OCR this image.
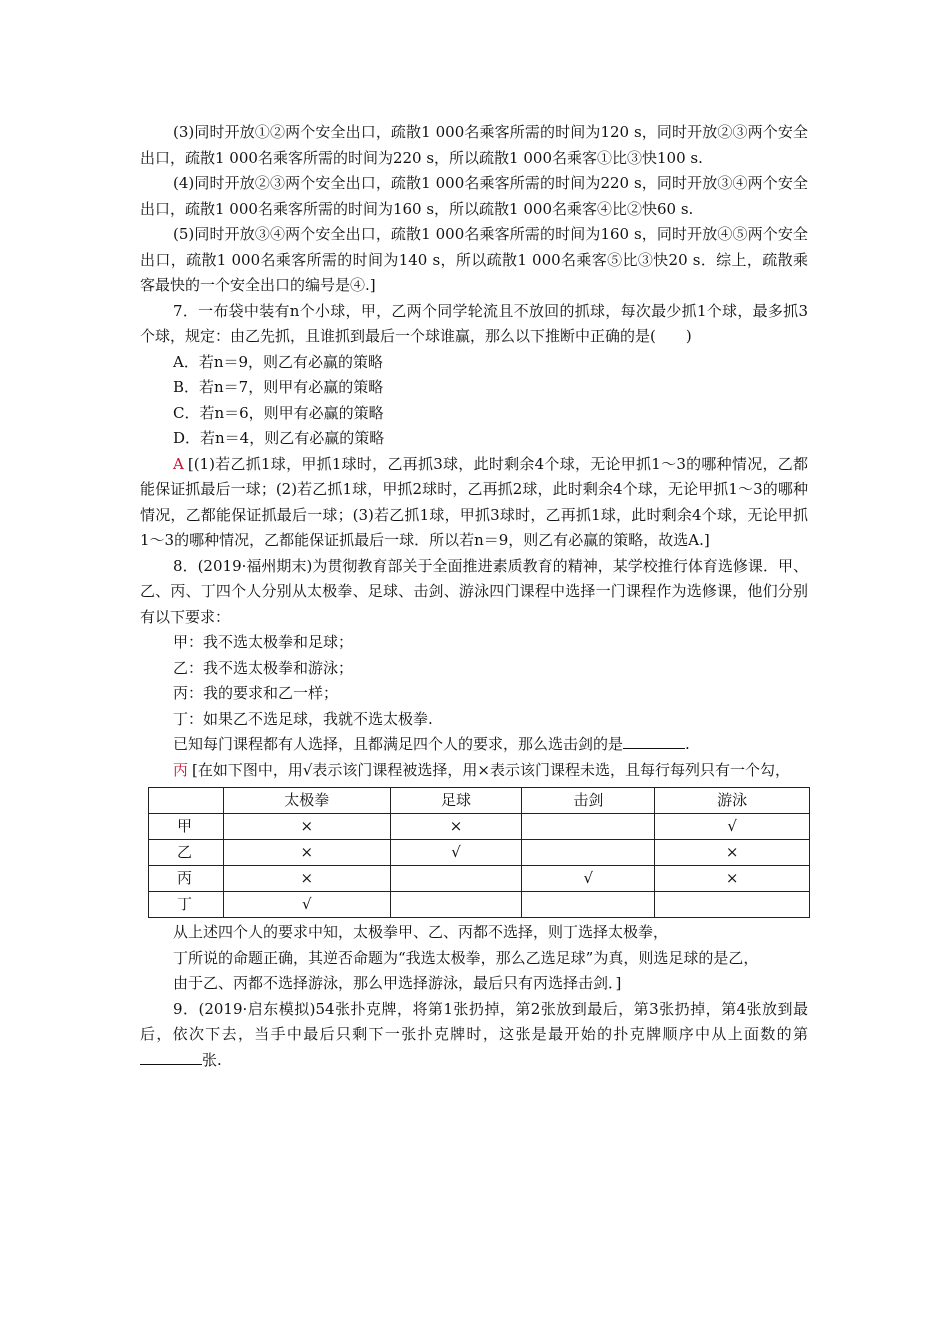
(3)同时开放①②两个安全出口，疏散1 000名乘客所需的时间为120 s，同时开放②③两个安全出口，疏散1 000名乘客所需的时间为220 s，所以疏散1 000名乘客①比③快100 s.

(4)同时开放②③两个安全出口，疏散1 000名乘客所需的时间为220 s，同时开放③④两个安全出口，疏散1 000名乘客所需的时间为160 s，所以疏散1 000名乘客④比②快60 s.

(5)同时开放③④两个安全出口，疏散1 000名乘客所需的时间为160 s，同时开放④⑤两个安全出口，疏散1 000名乘客所需的时间为140 s，所以疏散1 000名乘客⑤比③快20 s．综上，疏散乘客最快的一个安全出口的编号是④.]

7．一布袋中装有n个小球，甲，乙两个同学轮流且不放回的抓球，每次最少抓1个球，最多抓3个球，规定：由乙先抓，且谁抓到最后一个球谁赢，那么以下推断中正确的是(　　)

A．若n＝9，则乙有必赢的策略

B．若n＝7，则甲有必赢的策略

C．若n＝6，则甲有必赢的策略

D．若n＝4，则乙有必赢的策略

A [(1)若乙抓1球，甲抓1球时，乙再抓3球，此时剩余4个球，无论甲抓1～3的哪种情况，乙都能保证抓最后一球；(2)若乙抓1球，甲抓2球时，乙再抓2球，此时剩余4个球，无论甲抓1～3的哪种情况，乙都能保证抓最后一球；(3)若乙抓1球，甲抓3球时，乙再抓1球，此时剩余4个球，无论甲抓1～3的哪种情况，乙都能保证抓最后一球．所以若n＝9，则乙有必赢的策略，故选A.]

8．(2019·福州期末)为贯彻教育部关于全面推进素质教育的精神，某学校推行体育选修课．甲、乙、丙、丁四个人分别从太极拳、足球、击剑、游泳四门课程中选择一门课程作为选修课，他们分别有以下要求：

甲：我不选太极拳和足球；

乙：我不选太极拳和游泳；

丙：我的要求和乙一样；

丁：如果乙不选足球，我就不选太极拳.

已知每门课程都有人选择，且都满足四个人的要求，那么选击剑的是	.

丙 [在如下图中，用√表示该门课程被选择，用×表示该门课程未选，且每行每列只有一个勾，

	太极拳	足球	击剑	游泳
甲	×	×		√
乙	×	√		×
丙	×		√	×
丁	√			

从上述四个人的要求中知，太极拳甲、乙、丙都不选择，则丁选择太极拳，

丁所说的命题正确，其逆否命题为“我选太极拳，那么乙选足球”为真，则选足球的是乙，

由于乙、丙都不选择游泳，那么甲选择游泳，最后只有丙选择击剑．]

9．(2019·启东模拟)54张扑克牌，将第1张扔掉，第2张放到最后，第3张扔掉，第4张放到最后，依次下去，当手中最后只剩下一张扑克牌时，这张是最开始的扑克牌顺序中从上面数的第张.
